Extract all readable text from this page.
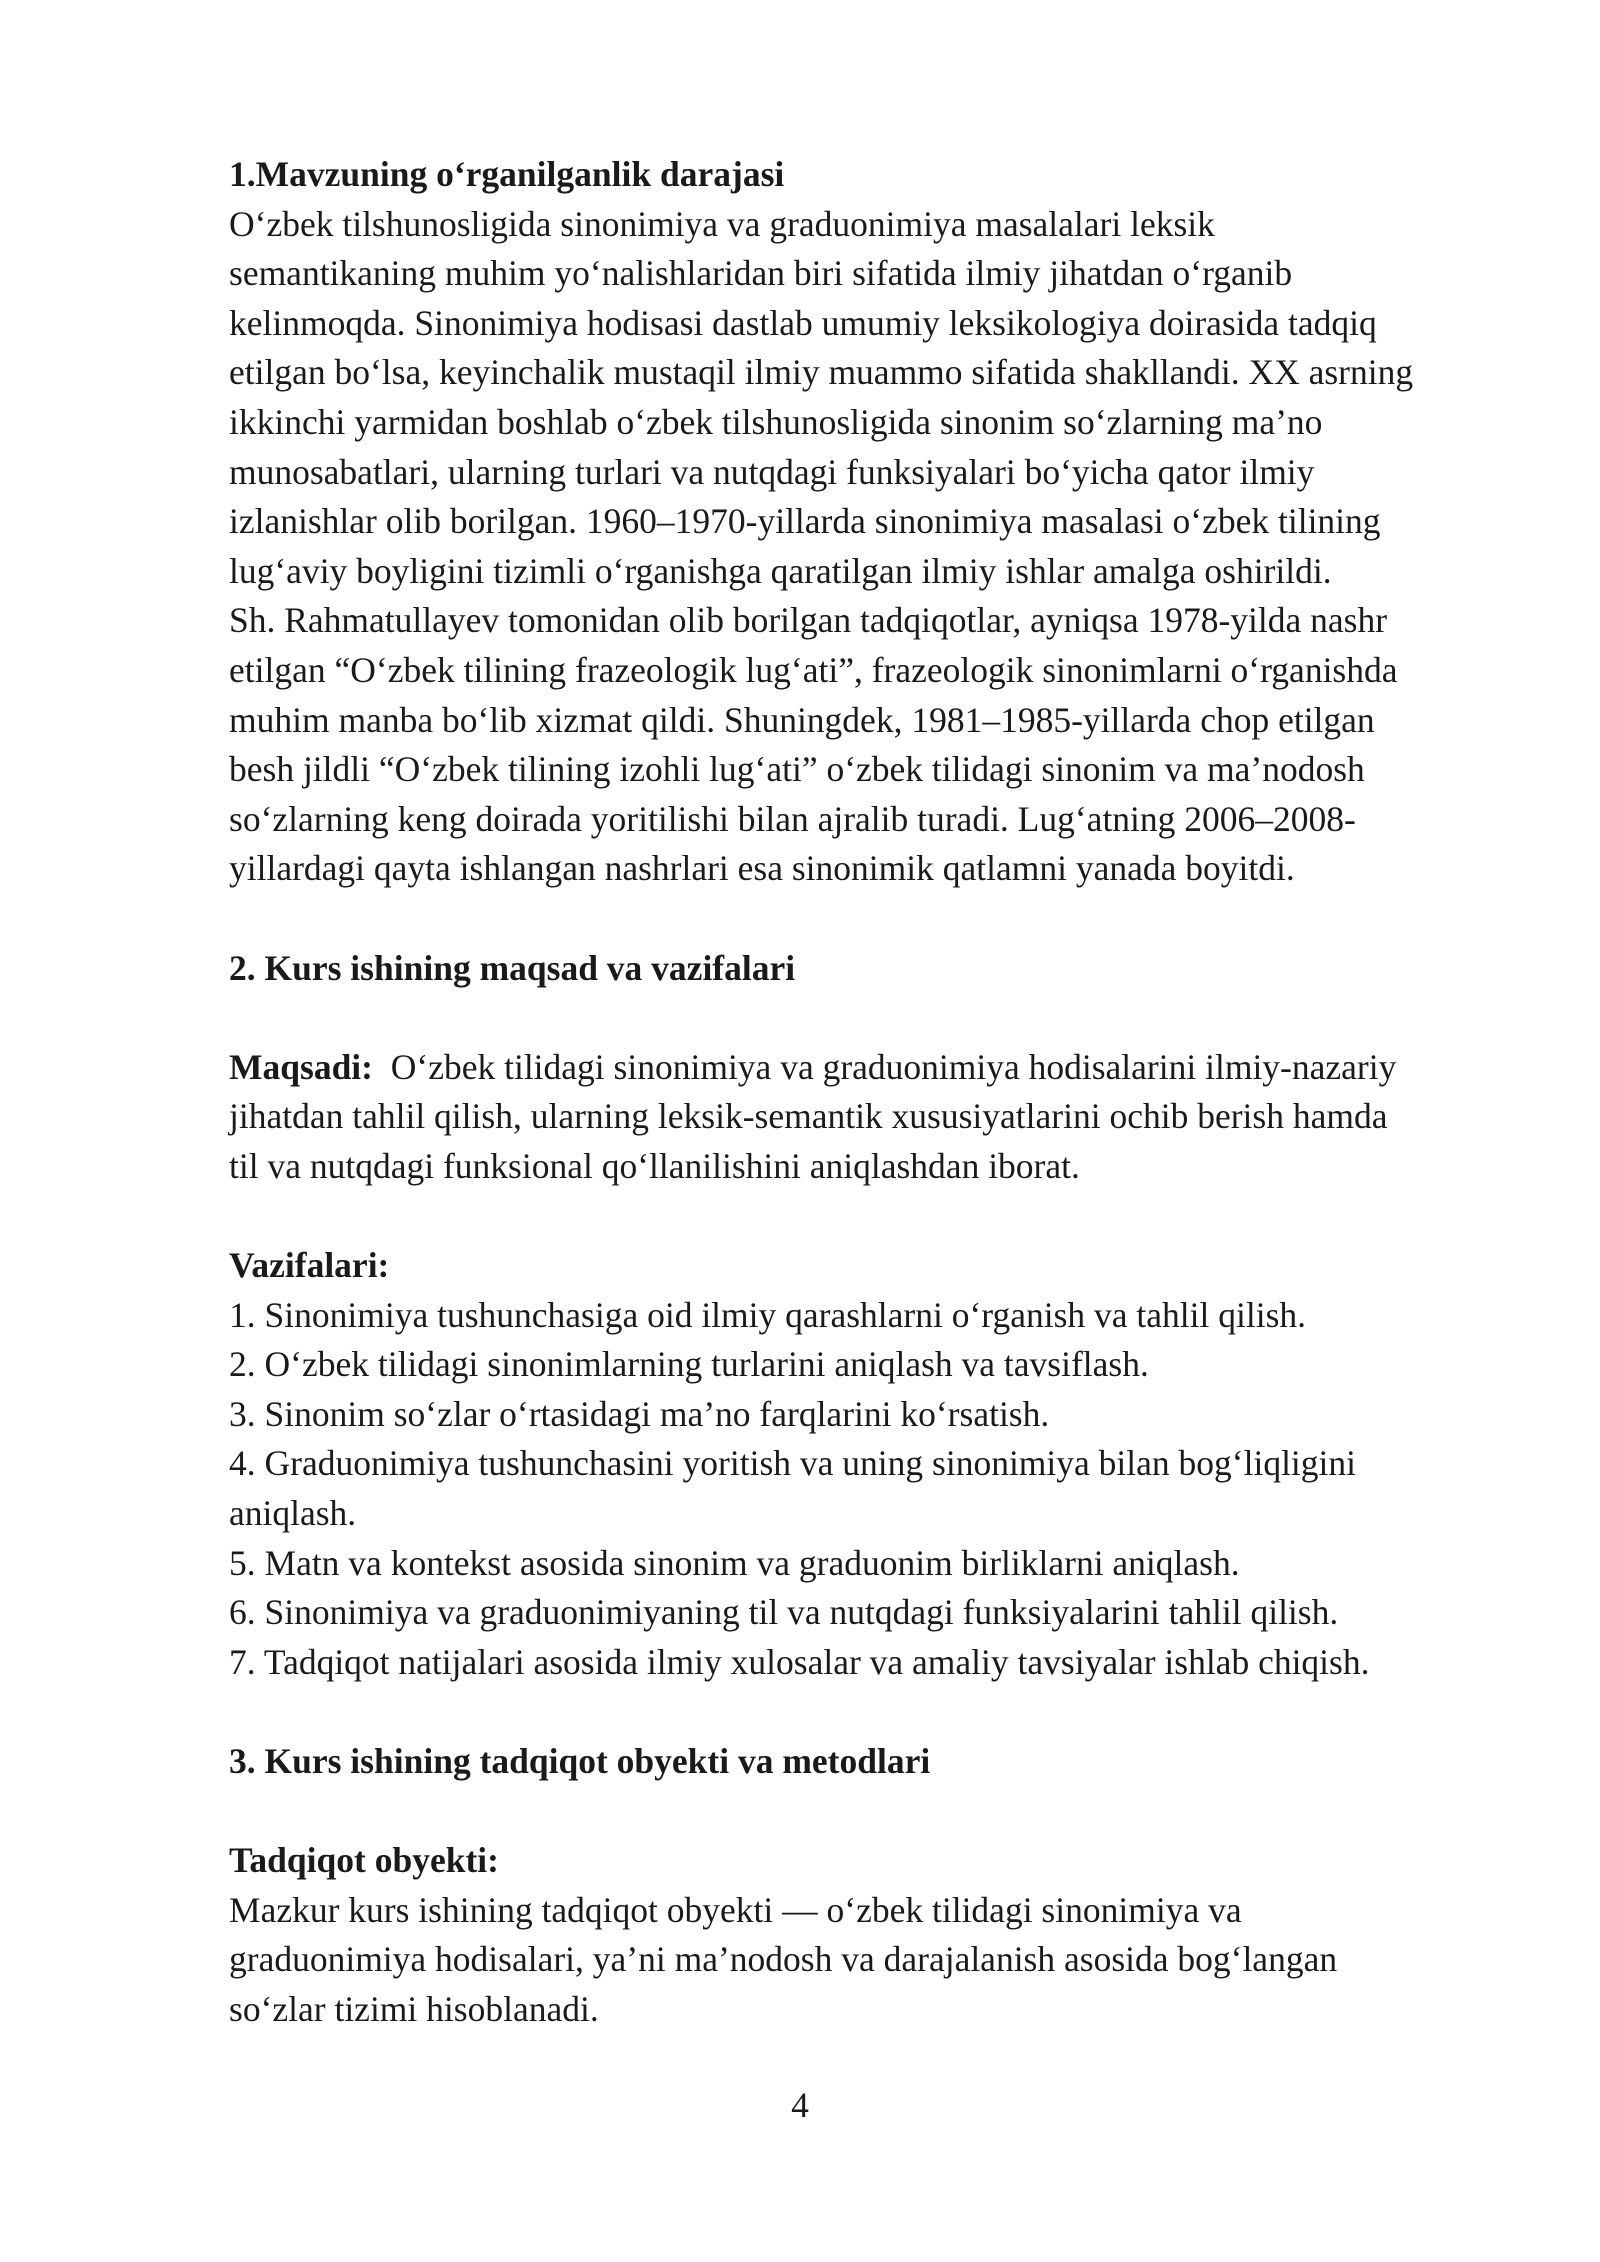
1.Mavzuning o‘rganilganlik darajasi

O‘zbek tilshunosligida sinonimiya va graduonimiya masalalari leksik
semantikaning muhim yo‘nalishlaridan biri sifatida ilmiy jihatdan o‘rganib
kelinmoqda. Sinonimiya hodisasi dastlab umumiy leksikologiya doirasida tadqiq
etilgan bo‘lsa, keyinchalik mustaqil ilmiy muammo sifatida shakllandi. XX asrning
ikkinchi yarmidan boshlab o‘zbek tilshunosligida sinonim so‘zlarning ma’no
munosabatlari, ularning turlari va nutqdagi funksiyalari bo‘yicha qator ilmiy
izlanishlar olib borilgan. 1960–1970-yillarda sinonimiya masalasi o‘zbek tilining
lug‘aviy boyligini tizimli o‘rganishga qaratilgan ilmiy ishlar amalga oshirildi.
Sh. Rahmatullayev tomonidan olib borilgan tadqiqotlar, ayniqsa 1978-yilda nashr
etilgan “O‘zbek tilining frazeologik lug‘ati”, frazeologik sinonimlarni o‘rganishda
muhim manba bo‘lib xizmat qildi. Shuningdek, 1981–1985-yillarda chop etilgan
besh jildli “O‘zbek tilining izohli lug‘ati” o‘zbek tilidagi sinonim va ma’nodosh
so‘zlarning keng doirada yoritilishi bilan ajralib turadi. Lug‘atning 2006–2008-
yillardagi qayta ishlangan nashrlari esa sinonimik qatlamni yanada boyitdi.

2. Kurs ishining maqsad va vazifalari

Maqsadi: O‘zbek tilidagi sinonimiya va graduonimiya hodisalarini ilmiy-nazariy
jihatdan tahlil qilish, ularning leksik-semantik xususiyatlarini ochib berish hamda
til va nutqdagi funksional qo‘llanilishini aniqlashdan iborat.

Vazifalari:

1. Sinonimiya tushunchasiga oid ilmiy qarashlarni o‘rganish va tahlil qilish.
2. O‘zbek tilidagi sinonimlarning turlarini aniqlash va tavsiflash.
3. Sinonim so‘zlar o‘rtasidagi ma’no farqlarini ko‘rsatish.
4. Graduonimiya tushunchasini yoritish va uning sinonimiya bilan bog‘liqligini
aniqlash.
5. Matn va kontekst asosida sinonim va graduonim birliklarni aniqlash.
6. Sinonimiya va graduonimiyaning til va nutqdagi funksiyalarini tahlil qilish.
7. Tadqiqot natijalari asosida ilmiy xulosalar va amaliy tavsiyalar ishlab chiqish.

3. Kurs ishining tadqiqot obyekti va metodlari

Tadqiqot obyekti:

Mazkur kurs ishining tadqiqot obyekti — o‘zbek tilidagi sinonimiya va
graduonimiya hodisalari, ya’ni ma’nodosh va darajalanish asosida bog‘langan
so‘zlar tizimi hisoblanadi.
4
